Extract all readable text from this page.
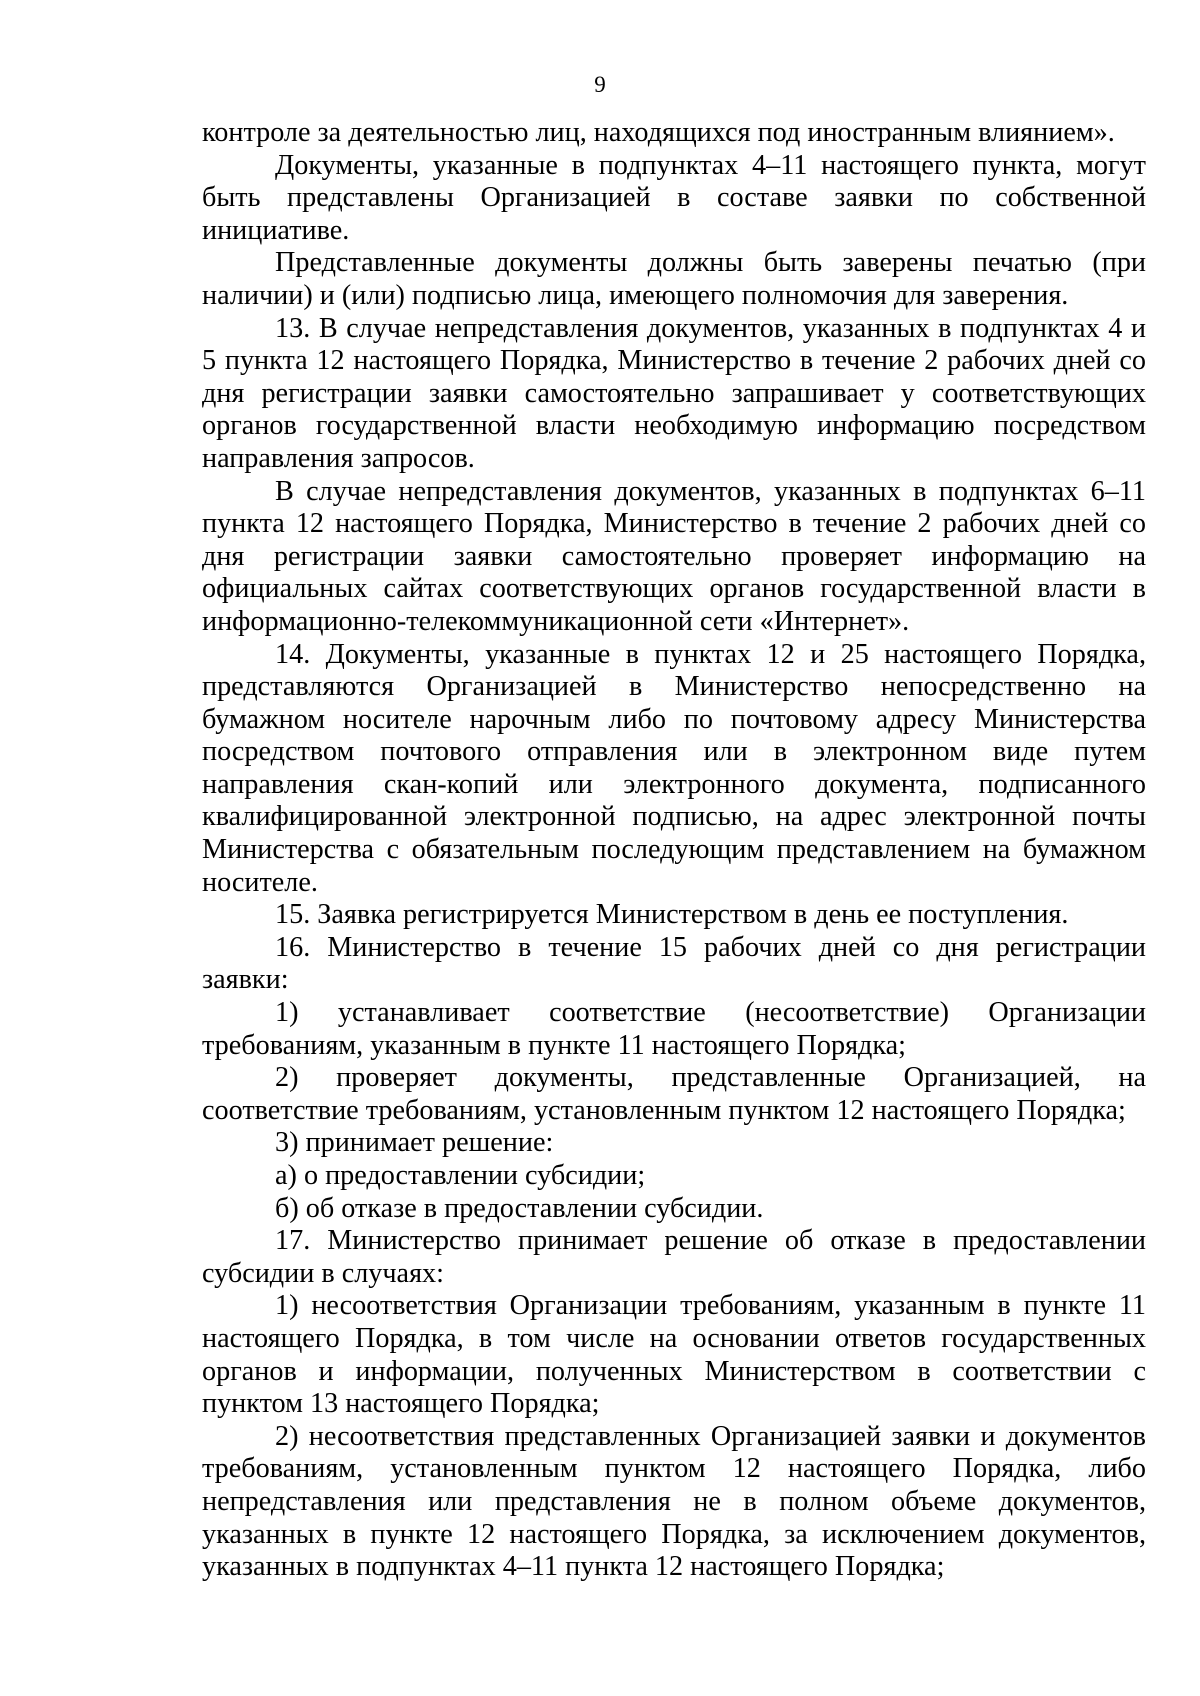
9

контроле за деятельностью лиц, находящихся под иностранным влиянием».

Документы, указанные в подпунктах 4–11 настоящего пункта, могут быть представлены Организацией в составе заявки по собственной инициативе.

Представленные документы должны быть заверены печатью (при наличии) и (или) подписью лица, имеющего полномочия для заверения.

13. В случае непредставления документов, указанных в подпунктах 4 и 5 пункта 12 настоящего Порядка, Министерство в течение 2 рабочих дней со дня регистрации заявки самостоятельно запрашивает у соответствующих органов государственной власти необходимую информацию посредством направления запросов.

В случае непредставления документов, указанных в подпунктах 6–11 пункта 12 настоящего Порядка, Министерство в течение 2 рабочих дней со дня регистрации заявки самостоятельно проверяет информацию на официальных сайтах соответствующих органов государственной власти в информационно-телекоммуникационной сети «Интернет».

14. Документы, указанные в пунктах 12 и 25 настоящего Порядка, представляются Организацией в Министерство непосредственно на бумажном носителе нарочным либо по почтовому адресу Министерства посредством почтового отправления или в электронном виде путем направления скан-копий или электронного документа, подписанного квалифицированной электронной подписью, на адрес электронной почты Министерства с обязательным последующим представлением на бумажном носителе.

15. Заявка регистрируется Министерством в день ее поступления.

16. Министерство в течение 15 рабочих дней со дня регистрации заявки:

1) устанавливает соответствие (несоответствие) Организации требованиям, указанным в пункте 11 настоящего Порядка;

2) проверяет документы, представленные Организацией, на соответствие требованиям, установленным пунктом 12 настоящего Порядка;

3) принимает решение:

а) о предоставлении субсидии;

б) об отказе в предоставлении субсидии.

17. Министерство принимает решение об отказе в предоставлении субсидии в случаях:

1) несоответствия Организации требованиям, указанным в пункте 11 настоящего Порядка, в том числе на основании ответов государственных органов и информации, полученных Министерством в соответствии с пунктом 13 настоящего Порядка;

2) несоответствия представленных Организацией заявки и документов требованиям, установленным пунктом 12 настоящего Порядка, либо непредставления или представления не в полном объеме документов, указанных в пункте 12 настоящего Порядка, за исключением документов, указанных в подпунктах 4–11 пункта 12 настоящего Порядка;
